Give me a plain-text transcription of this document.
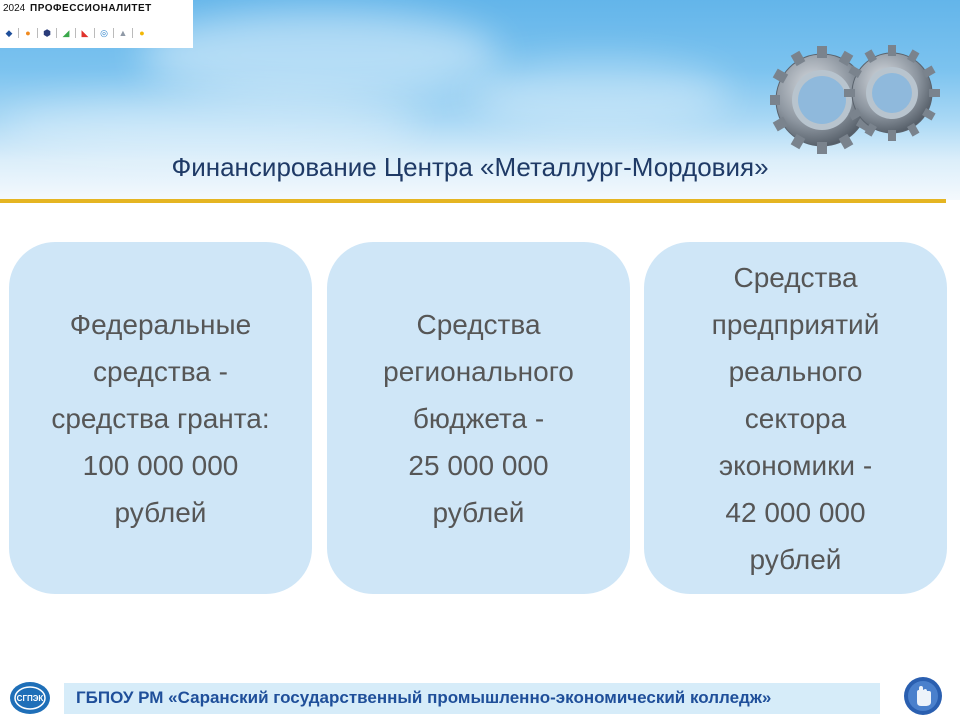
2024 ПРОФЕССИОНАЛИТЕТ
◆ ● ⬢ ◢ ◣ ◎ ▲ ●
Финансирование Центра «Металлург-Мордовия»
Федеральные
средства -
средства гранта:
100 000 000
рублей
Средства
регионального
бюджета -
25 000 000
рублей
Средства
предприятий
реального
сектора
экономики -
42 000 000
рублей
СГПЭК ГБПОУ РМ «Саранский государственный промышленно-экономический колледж»
